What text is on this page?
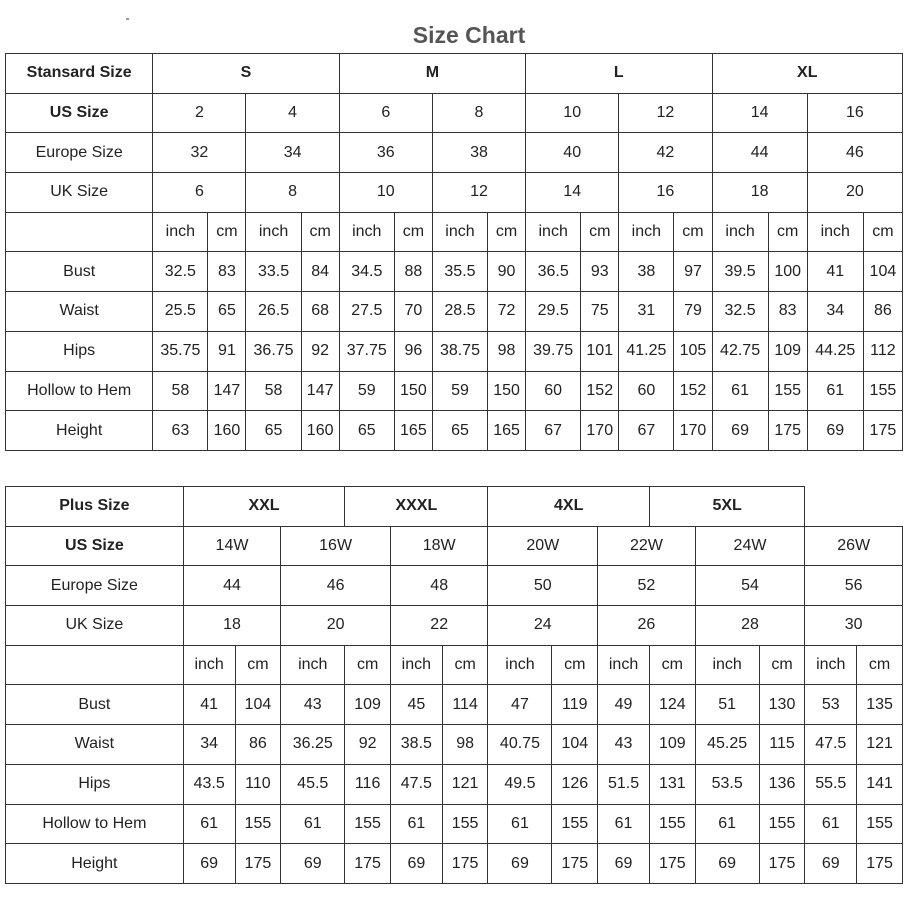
Size Chart
Stansard Size	S				M				L				XL			
US Size	2		4		6		8		10		12		14		16	
Europe Size	32		34		36		38		40		42		44		46	
UK Size	6		8		10		12		14		16		18		20	
	inch	cm	inch	cm	inch	cm	inch	cm	inch	cm	inch	cm	inch	cm	inch	cm
Bust	32.5	83	33.5	84	34.5	88	35.5	90	36.5	93	38	97	39.5	100	41	104
Waist	25.5	65	26.5	68	27.5	70	28.5	72	29.5	75	31	79	32.5	83	34	86
Hips	35.75	91	36.75	92	37.75	96	38.75	98	39.75	101	41.25	105	42.75	109	44.25	112
Hollow to Hem	58	147	58	147	59	150	59	150	60	152	60	152	61	155	61	155
Height	63	160	65	160	65	165	65	165	67	170	67	170	69	175	69	175
Plus Size	XXL			XXXL			4XL			5XL				
US Size	14W		16W		18W		20W		22W		24W		26W	
Europe Size	44		46		48		50		52		54		56	
UK Size	18		20		22		24		26		28		30	
	inch	cm	inch	cm	inch	cm	inch	cm	inch	cm	inch	cm	inch	cm
Bust	41	104	43	109	45	114	47	119	49	124	51	130	53	135
Waist	34	86	36.25	92	38.5	98	40.75	104	43	109	45.25	115	47.5	121
Hips	43.5	110	45.5	116	47.5	121	49.5	126	51.5	131	53.5	136	55.5	141
Hollow to Hem	61	155	61	155	61	155	61	155	61	155	61	155	61	155
Height	69	175	69	175	69	175	69	175	69	175	69	175	69	175
